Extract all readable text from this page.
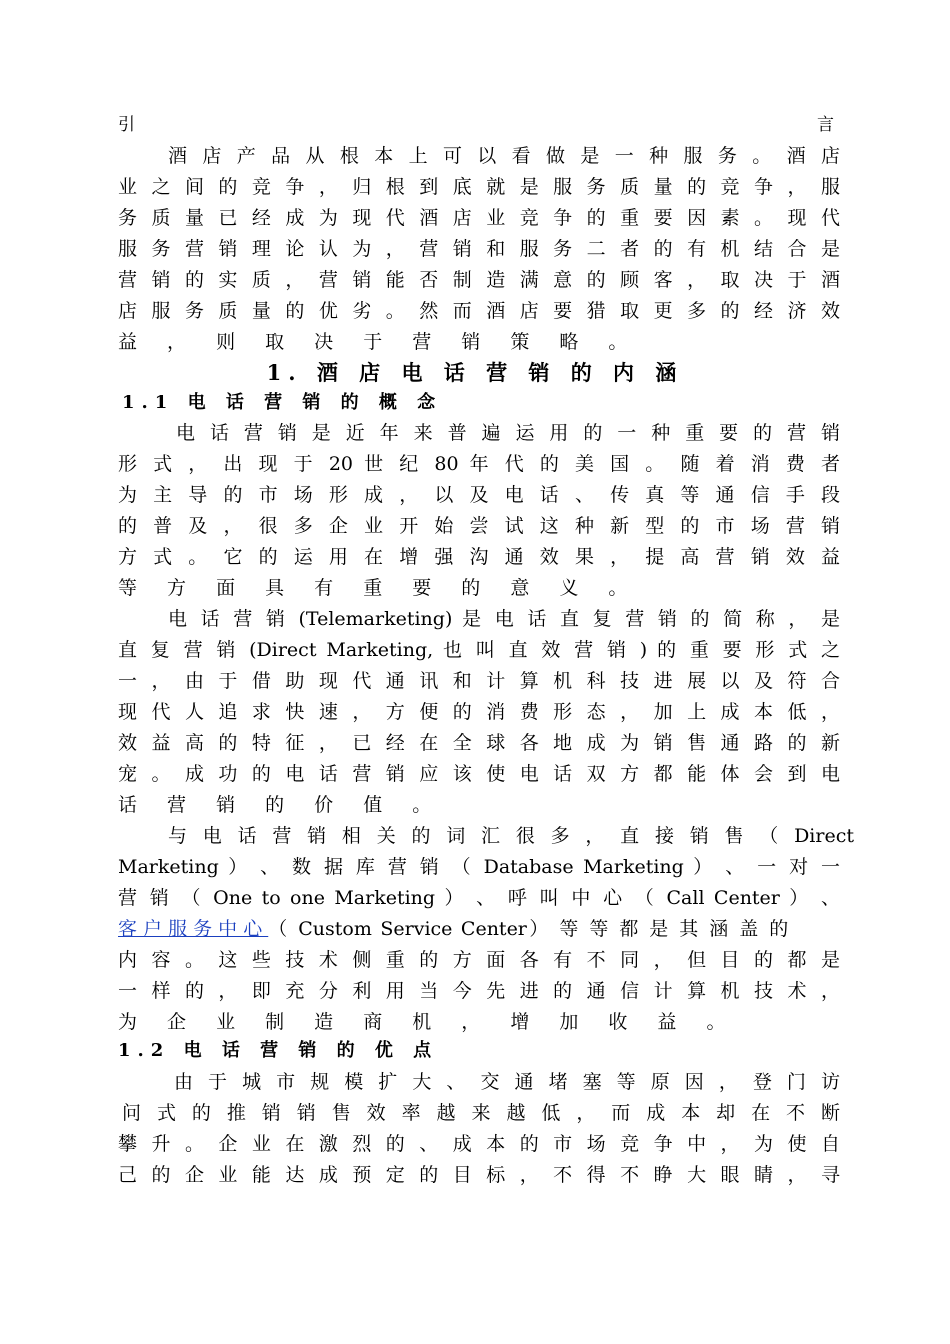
引 言
酒 店 产 品 从 根 本 上 可 以 看 做 是 一 种 服 务 。 酒 店
业 之 间 的 竞 争 ， 归 根 到 底 就 是 服 务 质 量 的 竞 争 ， 服
务 质 量 已 经 成 为 现 代 酒 店 业 竞 争 的 重 要 因 素 。 现 代
服 务 营 销 理 论 认 为 ， 营 销 和 服 务 二 者 的 有 机 结 合 是
营 销 的 实 质 ， 营 销 能 否 制 造 满 意 的 顾 客 ， 取 决 于 酒
店 服 务 质 量 的 优 劣 。 然 而 酒 店 要 猎 取 更 多 的 经 济 效
益 ， 则 取 决 于 营 销 策 略 。
1. 酒 店 电 话 营 销 的 内 涵
1.1 电 话 营 销 的 概 念
电 话 营 销 是 近 年 来 普 遍 运 用 的 一 种 重 要 的 营 销
形 式 ， 出 现 于 20 世 纪 80 年 代 的 美 国 。 随 着 消 费 者
为 主 导 的 市 场 形 成 ， 以 及 电 话 、 传 真 等 通 信 手 段
的 普 及 ， 很 多 企 业 开 始 尝 试 这 种 新 型 的 市 场 营 销
方 式 。 它 的 运 用 在 增 强 沟 通 效 果 ， 提 高 营 销 效 益
等 方 面 具 有 重 要 的 意 义 。
电 话 营 销 (Telemarketing) 是 电 话 直 复 营 销 的 简 称 ， 是
直 复 营 销 (Direct Marketing, 也 叫 直 效 营 销 ) 的 重 要 形 式 之
一 ， 由 于 借 助 现 代 通 讯 和 计 算 机 科 技 进 展 以 及 符 合
现 代 人 追 求 快 速 ， 方 便 的 消 费 形 态 ， 加 上 成 本 低 ，
效 益 高 的 特 征 ， 已 经 在 全 球 各 地 成 为 销 售 通 路 的 新
宠 。 成 功 的 电 话 营 销 应 该 使 电 话 双 方 都 能 体 会 到 电
话 营 销 的 价 值 。
与 电 话 营 销 相 关 的 词 汇 很 多 ， 直 接 销 售 （ Direct
Marketing ） 、 数 据 库 营 销 （ Database Marketing ） 、 一 对 一
营 销 （ One to one Marketing ） 、 呼 叫 中 心 （ Call Center ） 、
客 户 服 务 中 心 （ Custom Service Center） 等 等 都 是 其 涵 盖 的
内 容 。 这 些 技 术 侧 重 的 方 面 各 有 不 同 ， 但 目 的 都 是
一 样 的 ， 即 充 分 利 用 当 今 先 进 的 通 信 计 算 机 技 术 ，
为 企 业 制 造 商 机 ， 增 加 收 益 。
1.2 电 话 营 销 的 优 点
由 于 城 市 规 模 扩 大 、 交 通 堵 塞 等 原 因 ， 登 门 访
问 式 的 推 销 销 售 效 率 越 来 越 低 ， 而 成 本 却 在 不 断
攀 升 。 企 业 在 激 烈 的 、 成 本 的 市 场 竞 争 中 ， 为 使 自
己 的 企 业 能 达 成 预 定 的 目 标 ， 不 得 不 睁 大 眼 睛 ， 寻
